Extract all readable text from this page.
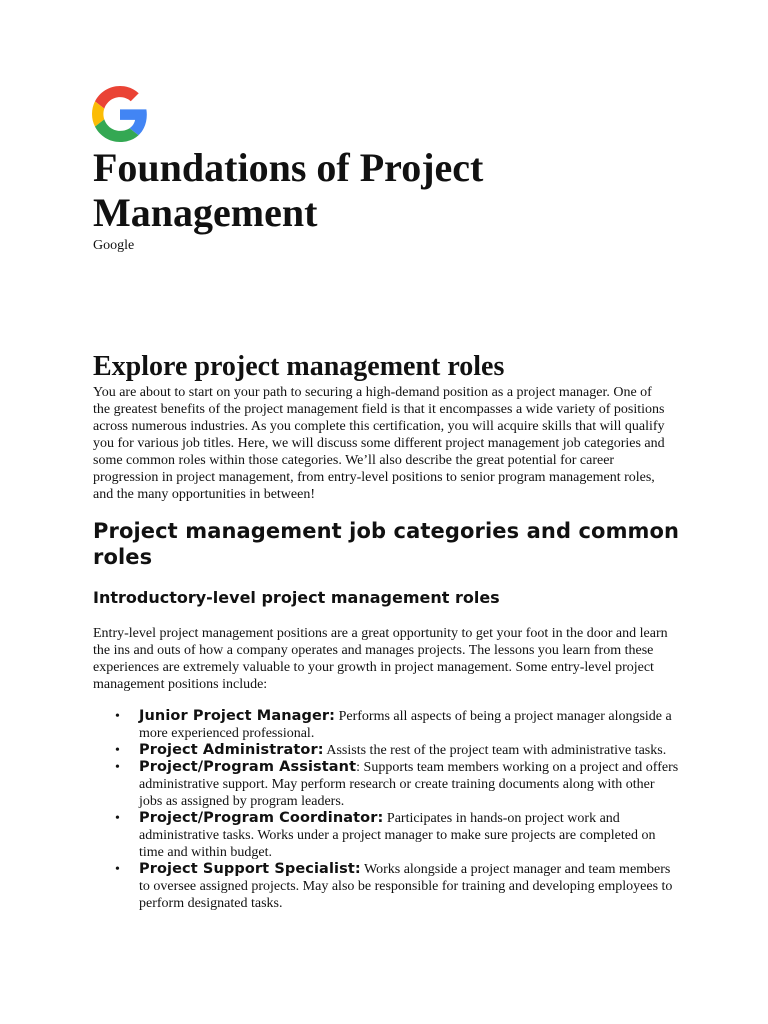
Foundations of Project Management

Google

Explore project management roles

You are about to start on your path to securing a high-demand position as a project manager. One of the greatest benefits of the project management field is that it encompasses a wide variety of positions across numerous industries. As you complete this certification, you will acquire skills that will qualify you for various job titles. Here, we will discuss some different project management job categories and some common roles within those categories. We’ll also describe the great potential for career progression in project management, from entry-level positions to senior program management roles, and the many opportunities in between!

Project management job categories and common roles
Introductory-level project management roles

Entry-level project management positions are a great opportunity to get your foot in the door and learn the ins and outs of how a company operates and manages projects. The lessons you learn from these experiences are extremely valuable to your growth in project management. Some entry-level project management positions include:

• Junior Project Manager: Performs all aspects of being a project manager alongside a more experienced professional.
• Project Administrator: Assists the rest of the project team with administrative tasks.
• Project/Program Assistant: Supports team members working on a project and offers administrative support. May perform research or create training documents along with other jobs as assigned by program leaders.
• Project/Program Coordinator: Participates in hands-on project work and administrative tasks. Works under a project manager to make sure projects are completed on time and within budget.
• Project Support Specialist: Works alongside a project manager and team members to oversee assigned projects. May also be responsible for training and developing employees to perform designated tasks.
